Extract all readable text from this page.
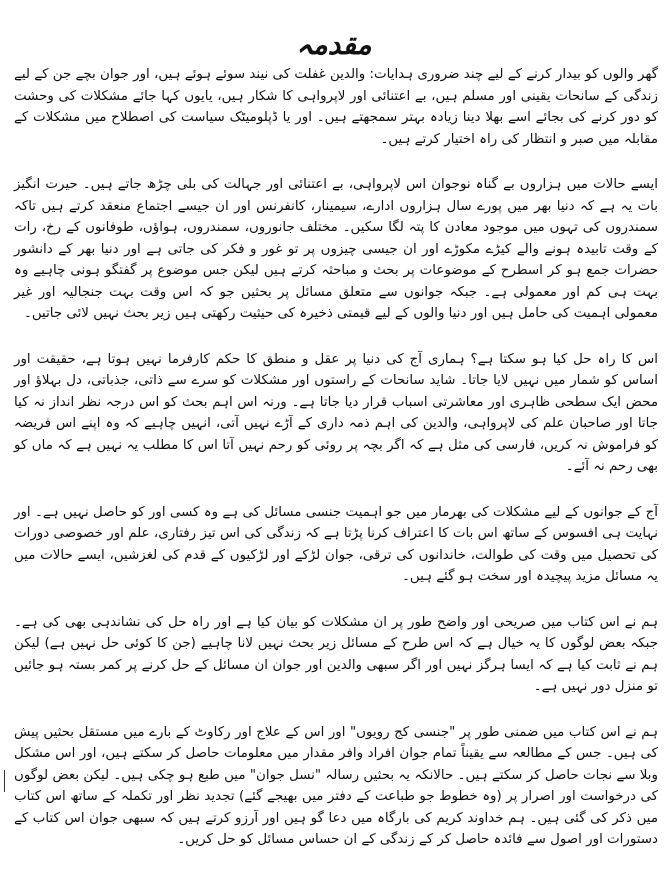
مقدمہ

گھر والوں کو بیدار کرنے کے لیے چند ضروری ہدایات: والدین غفلت کی نیند سوئے ہوئے ہیں، اور جوان بچے جن کے لیے زندگی کے سانحات یقینی اور مسلم ہیں، بے اعتنائی اور لاپرواہی کا شکار ہیں، یایوں کہا جائے مشکلات کی وحشت کو دور کرنے کی بجائے اسے بھلا دینا زیادہ بہتر سمجھتے ہیں۔ اور یا ڈپلومیٹک سیاست کی اصطلاح میں مشکلات کے مقابلہ میں صبر و انتظار کی راہ اختیار کرتے ہیں۔

ایسے حالات میں ہزاروں بے گناہ نوجوان اس لاپرواہی، بے اعتنائی اور جہالت کی بلی چڑھ جاتے ہیں۔ حیرت انگیز بات یہ ہے کہ دنیا بھر میں پورے سال ہزاروں ادارے، سیمینار، کانفرنس اور ان جیسے اجتماع منعقد کرتے ہیں تاکہ سمندروں کی تہوں میں موجود معادن کا پتہ لگا سکیں۔ مختلف جانوروں، سمندروں، ہواؤں، طوفانوں کے رخ، رات کے وقت تابیدہ ہونے والے کیڑے مکوڑے اور ان جیسی چیزوں پر تو غور و فکر کی جاتی ہے اور دنیا بھر کے دانشور حضرات جمع ہو کر اسطرح کے موضوعات پر بحث و مباحثہ کرتے ہیں لیکن جس موضوع پر گفتگو ہونی چاہیے وہ بہت ہی کم اور معمولی ہے۔ جبکہ جوانوں سے متعلق مسائل پر بحثیں جو کہ اس وقت بہت جنجالیہ اور غیر معمولی اہمیت کی حامل ہیں اور دنیا والوں کے لیے قیمتی ذخیرہ کی حیثیت رکھتی ہیں زیر بحث نہیں لائی جاتیں۔

اس کا راہ حل کیا ہو سکتا ہے؟ ہماری آج کی دنیا پر عقل و منطق کا حکم کارفرما نہیں ہوتا ہے، حقیقت اور اساس کو شمار میں نہیں لایا جاتا۔ شاید سانحات کے راستوں اور مشکلات کو سرے سے ذاتی، جذباتی، دل بہلاؤ اور محض ایک سطحی ظاہری اور معاشرتی اسباب قرار دیا جاتا ہے۔ ورنہ اس اہم بحث کو اس درجہ نظر انداز نہ کیا جاتا اور صاحبان علم کی لاپرواہی، والدین کی اہم ذمہ داری کے آڑے نہیں آتی، انہیں چاہیے کہ وہ اپنے اس فریضہ کو فراموش نہ کریں، فارسی کی مثل ہے کہ اگر بچہ پر روئی کو رحم نہیں آتا اس کا مطلب یہ نہیں ہے کہ ماں کو بھی رحم نہ آئے۔

آج کے جوانوں کے لیے مشکلات کی بھرمار میں جو اہمیت جنسی مسائل کی ہے وہ کسی اور کو حاصل نہیں ہے۔ اور نہایت ہی افسوس کے ساتھ اس بات کا اعتراف کرنا پڑتا ہے کہ زندگی کی اس تیز رفتاری، علم اور خصوصی دورات کی تحصیل میں وقت کی طوالت، خاندانوں کی ترقی، جوان لڑکے اور لڑکیوں کے قدم کی لغزشیں، ایسے حالات میں یہ مسائل مزید پیچیدہ اور سخت ہو گئے ہیں۔

ہم نے اس کتاب میں صریحی اور واضح طور پر ان مشکلات کو بیان کیا ہے اور راہ حل کی نشاندہی بھی کی ہے۔ جبکہ بعض لوگوں کا یہ خیال ہے کہ اس طرح کے مسائل زیر بحث نہیں لانا چاہیے (جن کا کوئی حل نہیں ہے) لیکن ہم نے ثابت کیا ہے کہ ایسا ہرگز نہیں اور اگر سبھی والدین اور جوان ان مسائل کے حل کرنے پر کمر بستہ ہو جائیں تو منزل دور نہیں ہے۔

ہم نے اس کتاب میں ضمنی طور پر "جنسی کج رویوں" اور اس کے علاج اور رکاوٹ کے بارے میں مستقل بحثیں پیش کی ہیں۔ جس کے مطالعہ سے یقیناً تمام جوان افراد وافر مقدار میں معلومات حاصل کر سکتے ہیں، اور اس مشکل وبلا سے نجات حاصل کر سکتے ہیں۔ حالانکہ یہ بحثیں رسالہ "نسل جوان" میں طبع ہو چکی ہیں۔ لیکن بعض لوگوں کی درخواست اور اصرار پر (وہ خطوط جو طباعت کے دفتر میں بھیجے گئے) تجدید نظر اور تکملہ کے ساتھ اس کتاب میں ذکر کی گئی ہیں۔ ہم خداوند کریم کی بارگاہ میں دعا گو ہیں اور آرزو کرتے ہیں کہ سبھی جوان اس کتاب کے دستورات اور اصول سے فائدہ حاصل کر کے زندگی کے ان حساس مسائل کو حل کریں۔
